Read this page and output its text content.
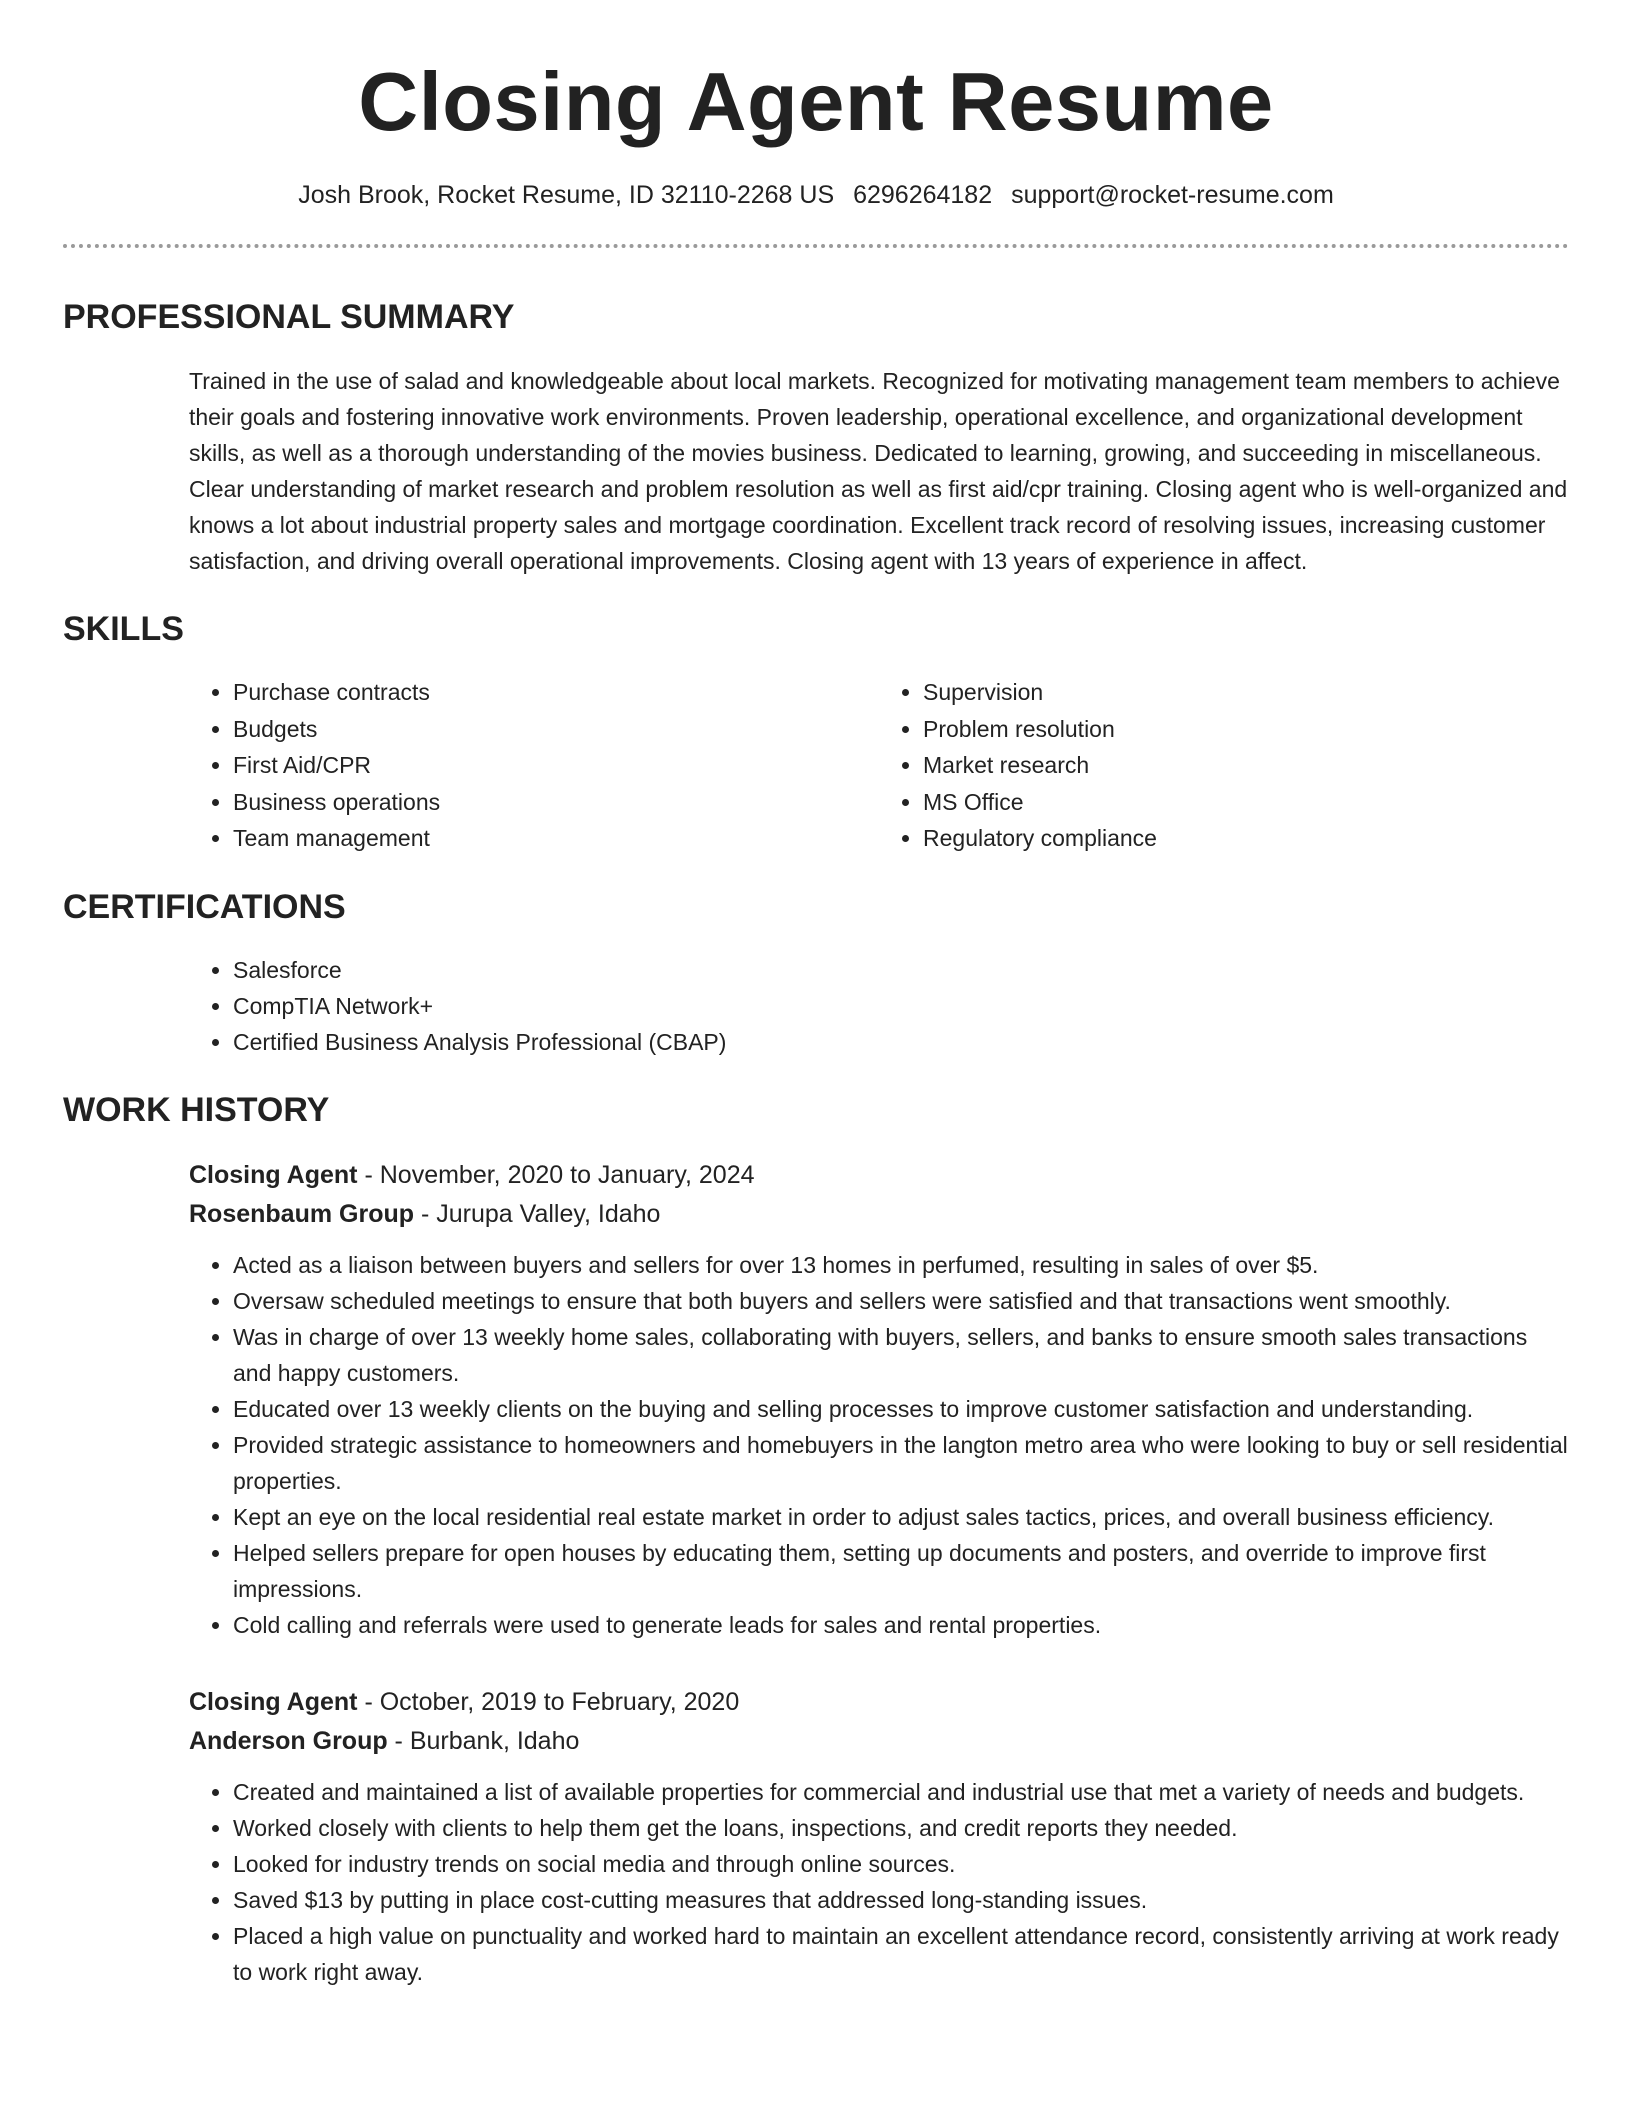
Closing Agent Resume
Josh Brook, Rocket Resume, ID 32110-2268 US 6296264182 support@rocket-resume.com
PROFESSIONAL SUMMARY

Trained in the use of salad and knowledgeable about local markets. Recognized for motivating management team members to achieve their goals and fostering innovative work environments. Proven leadership, operational excellence, and organizational development skills, as well as a thorough understanding of the movies business. Dedicated to learning, growing, and succeeding in miscellaneous. Clear understanding of market research and problem resolution as well as first aid/cpr training. Closing agent who is well-organized and knows a lot about industrial property sales and mortgage coordination. Excellent track record of resolving issues, increasing customer satisfaction, and driving overall operational improvements. Closing agent with 13 years of experience in affect.

SKILLS
• Purchase contracts
• Budgets
• First Aid/CPR
• Business operations
• Team management
• Supervision
• Problem resolution
• Market research
• MS Office
• Regulatory compliance
CERTIFICATIONS
• Salesforce
• CompTIA Network+
• Certified Business Analysis Professional (CBAP)
WORK HISTORY
Closing Agent - November, 2020 to January, 2024
Rosenbaum Group - Jurupa Valley, Idaho
• Acted as a liaison between buyers and sellers for over 13 homes in perfumed, resulting in sales of over $5.
• Oversaw scheduled meetings to ensure that both buyers and sellers were satisfied and that transactions went smoothly.
• Was in charge of over 13 weekly home sales, collaborating with buyers, sellers, and banks to ensure smooth sales transactions and happy customers.
• Educated over 13 weekly clients on the buying and selling processes to improve customer satisfaction and understanding.
• Provided strategic assistance to homeowners and homebuyers in the langton metro area who were looking to buy or sell residential properties.
• Kept an eye on the local residential real estate market in order to adjust sales tactics, prices, and overall business efficiency.
• Helped sellers prepare for open houses by educating them, setting up documents and posters, and override to improve first impressions.
• Cold calling and referrals were used to generate leads for sales and rental properties.
Closing Agent - October, 2019 to February, 2020
Anderson Group - Burbank, Idaho
• Created and maintained a list of available properties for commercial and industrial use that met a variety of needs and budgets.
• Worked closely with clients to help them get the loans, inspections, and credit reports they needed.
• Looked for industry trends on social media and through online sources.
• Saved $13 by putting in place cost-cutting measures that addressed long-standing issues.
• Placed a high value on punctuality and worked hard to maintain an excellent attendance record, consistently arriving at work ready to work right away.
